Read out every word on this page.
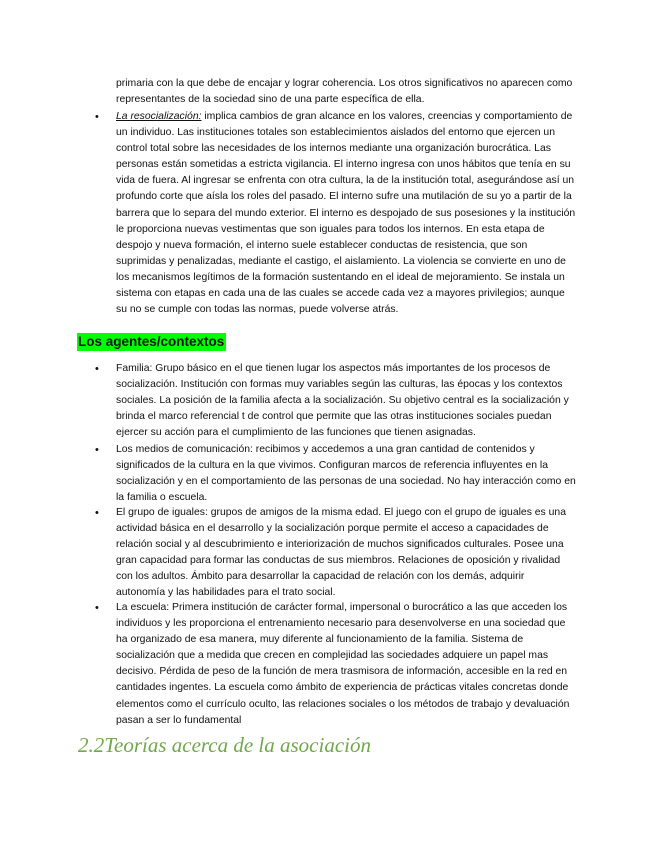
primaria con la que debe de encajar y lograr coherencia. Los otros significativos no aparecen como representantes de la sociedad sino de una parte específica de ella.
• La resocialización: implica cambios de gran alcance en los valores, creencias y comportamiento de un individuo. Las instituciones totales son establecimientos aislados del entorno que ejercen un control total sobre las necesidades de los internos mediante una organización burocrática. Las personas están sometidas a estricta vigilancia. El interno ingresa con unos hábitos que tenía en su vida de fuera. Al ingresar se enfrenta con otra cultura, la de la institución total, asegurándose así un profundo corte que aísla los roles del pasado. El interno sufre una mutilación de su yo a partir de la barrera que lo separa del mundo exterior. El interno es despojado de sus posesiones y la institución le proporciona nuevas vestimentas que son iguales para todos los internos. En esta etapa de despojo y nueva formación, el interno suele establecer conductas de resistencia, que son suprimidas y penalizadas, mediante el castigo, el aislamiento. La violencia se convierte en uno de los mecanismos legítimos de la formación sustentando en el ideal de mejoramiento. Se instala un sistema con etapas en cada una de las cuales se accede cada vez a mayores privilegios; aunque su no se cumple con todas las normas, puede volverse atrás.
Los agentes/contextos
• Familia: Grupo básico en el que tienen lugar los aspectos más importantes de los procesos de socialización. Institución con formas muy variables según las culturas, las épocas y los contextos sociales. La posición de la familia afecta a la socialización. Su objetivo central es la socialización y brinda el marco referencial t de control que permite que las otras instituciones sociales puedan ejercer su acción para el cumplimiento de las funciones que tienen asignadas.
• Los medios de comunicación: recibimos y accedemos a una gran cantidad de contenidos y significados de la cultura en la que vivimos. Configuran marcos de referencia influyentes en la socialización y en el comportamiento de las personas de una sociedad. No hay interacción como en la familia o escuela.
• El grupo de iguales: grupos de amigos de la misma edad. El juego con el grupo de iguales es una actividad básica en el desarrollo y la socialización porque permite el acceso a capacidades de relación social y al descubrimiento e interiorización de muchos significados culturales. Posee una gran capacidad para formar las conductas de sus miembros. Relaciones de oposición y rivalidad con los adultos. Ámbito para desarrollar la capacidad de relación con los demás, adquirir autonomía y las habilidades para el trato social.
• La escuela: Primera institución de carácter formal, impersonal o burocrático a las que acceden los individuos y les proporciona el entrenamiento necesario para desenvolverse en una sociedad que ha organizado de esa manera, muy diferente al funcionamiento de la familia. Sistema de socialización que a medida que crecen en complejidad las sociedades adquiere un papel mas decisivo. Pérdida de peso de la función de mera trasmisora de información, accesible en la red en cantidades ingentes. La escuela como ámbito de experiencia de prácticas vitales concretas donde elementos como el currículo oculto, las relaciones sociales o los métodos de trabajo y devaluación pasan a ser lo fundamental
2.2Teorías acerca de la asociación
